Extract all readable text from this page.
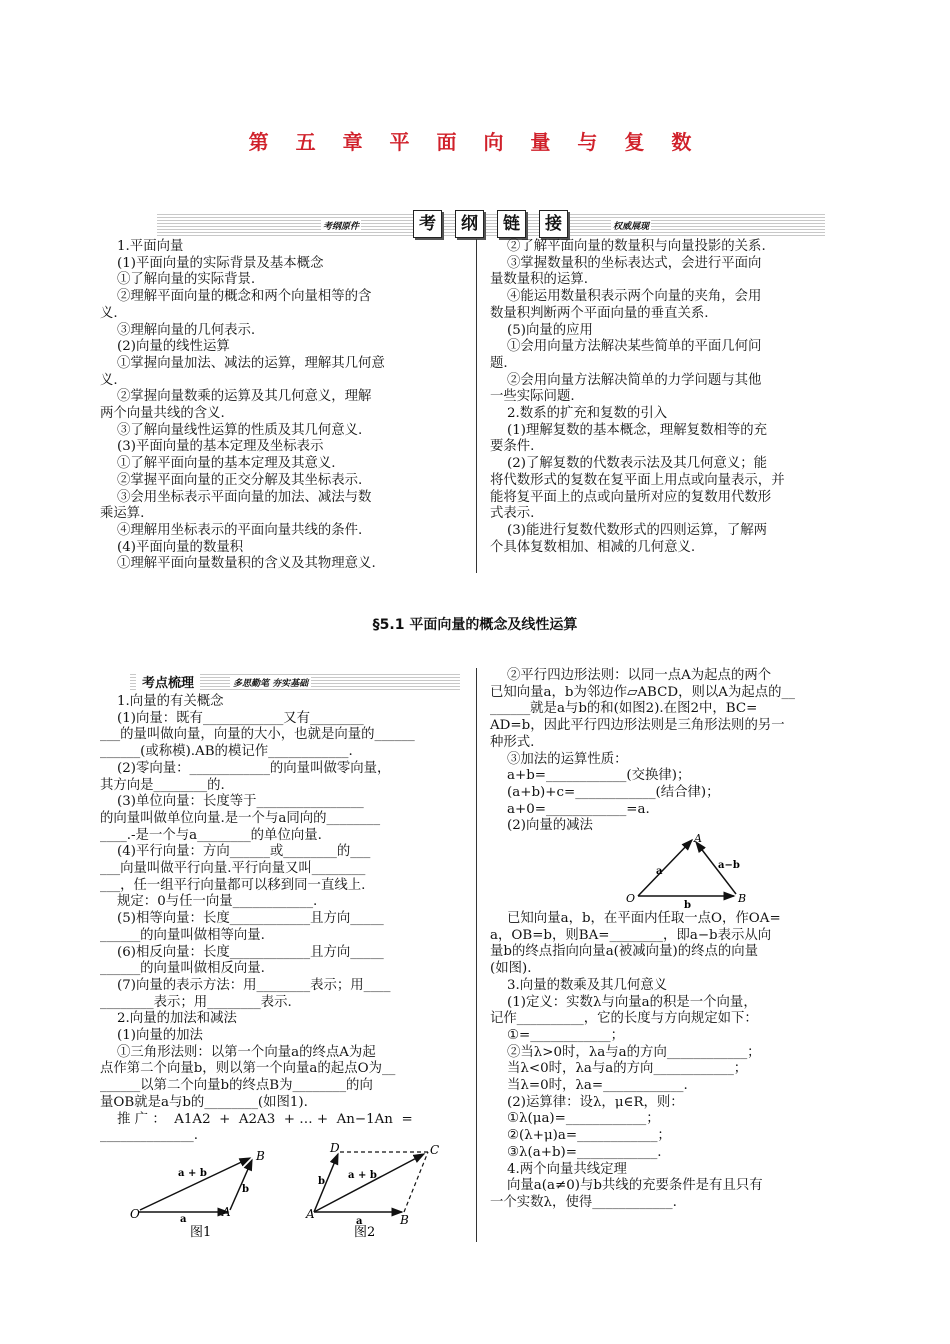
第 五 章 平 面 向 量 与 复 数
考纲原件	考	纲	链	接	权威展现

1.平面向量

(1)平面向量的实际背景及基本概念

①了解向量的实际背景.

②理解平面向量的概念和两个向量相等的含

义.

③理解向量的几何表示.

(2)向量的线性运算

①掌握向量加法、减法的运算，理解其几何意

义.

②掌握向量数乘的运算及其几何意义，理解

两个向量共线的含义.

③了解向量线性运算的性质及其几何意义.

(3)平面向量的基本定理及坐标表示

①了解平面向量的基本定理及其意义.

②掌握平面向量的正交分解及其坐标表示.

③会用坐标表示平面向量的加法、减法与数

乘运算.

④理解用坐标表示的平面向量共线的条件.

(4)平面向量的数量积

①理解平面向量数量积的含义及其物理意义.

②了解平面向量的数量积与向量投影的关系.

③掌握数量积的坐标表达式，会进行平面向

量数量积的运算.

④能运用数量积表示两个向量的夹角，会用

数量积判断两个平面向量的垂直关系.

(5)向量的应用

①会用向量方法解决某些简单的平面几何问

题.

②会用向量方法解决简单的力学问题与其他

一些实际问题.

2.数系的扩充和复数的引入

(1)理解复数的基本概念，理解复数相等的充

要条件.

(2)了解复数的代数表示法及其几何意义；能

将代数形式的复数在复平面上用点或向量表示，并

能将复平面上的点或向量所对应的复数用代数形

式表示.

(3)能进行复数代数形式的四则运算，了解两

个具体复数相加、相减的几何意义.

§5.1 平面向量的概念及线性运算
考点梳理	多思勤笔 夯实基础

1.向量的有关概念

(1)向量：既有____________又有________

___的量叫做向量，向量的大小，也就是向量的______

______(或称模).AB的模记作____________.

(2)零向量：____________的向量叫做零向量，

其方向是________的.

(3)单位向量：长度等于________________

的向量叫做单位向量.是一个与a同向的________

____.-是一个与a________的单位向量.

(4)平行向量：方向______或________的___

___向量叫做平行向量.平行向量又叫________

___，任一组平行向量都可以移到同一直线上.

规定：0与任一向量____________.

(5)相等向量：长度____________且方向_____

______的向量叫做相等向量.

(6)相反向量：长度____________且方向_____

______的向量叫做相反向量.

(7)向量的表示方法：用________表示；用____

________表示；用________表示.

2.向量的加法和减法

(1)向量的加法

①三角形法则：以第一个向量a的终点A为起

点作第二个向量b，则以第一个向量a的起点O为__

______以第二个向量b的终点B为________的向

量OB就是a与b的________(如图1).

推 广 ：  A1A2  +  A2A3  + … +  An−1An  =

______________.

②平行四边形法则：以同一点A为起点的两个

已知向量a，b为邻边作▱ABCD，则以A为起点的__

______就是a与b的和(如图2).在图2中，BC=

AD=b，因此平行四边形法则是三角形法则的另一

种形式.

③加法的运算性质：

a+b=____________(交换律)；

(a+b)+c=____________(结合律)；

a+0=____________=a.

(2)向量的减法

已知向量a，b，在平面内任取一点O，作OA=

a，OB=b，则BA=________，即a−b表示从向

量b的终点指向向量a(被减向量)的终点的向量

(如图).

3.向量的数乘及其几何意义

(1)定义：实数λ与向量a的积是一个向量，

记作__________，它的长度与方向规定如下：

①=____________；

②当λ>0时，λa与a的方向____________；

当λ<0时，λa与a的方向____________；

当λ=0时，λa=____________.

(2)运算律：设λ，μ∈R，则：

①λ(μa)=____________；

②(λ+μ)a=____________；

③λ(a+b)=____________.

4.两个向量共线定理

向量a(a≠0)与b共线的充要条件是有且只有

一个实数λ，使得____________.

O	A
B
a
b
a + b
图1
A	B
C
D
a
b
a + b
图2
O
A
B
a
b
a−b
